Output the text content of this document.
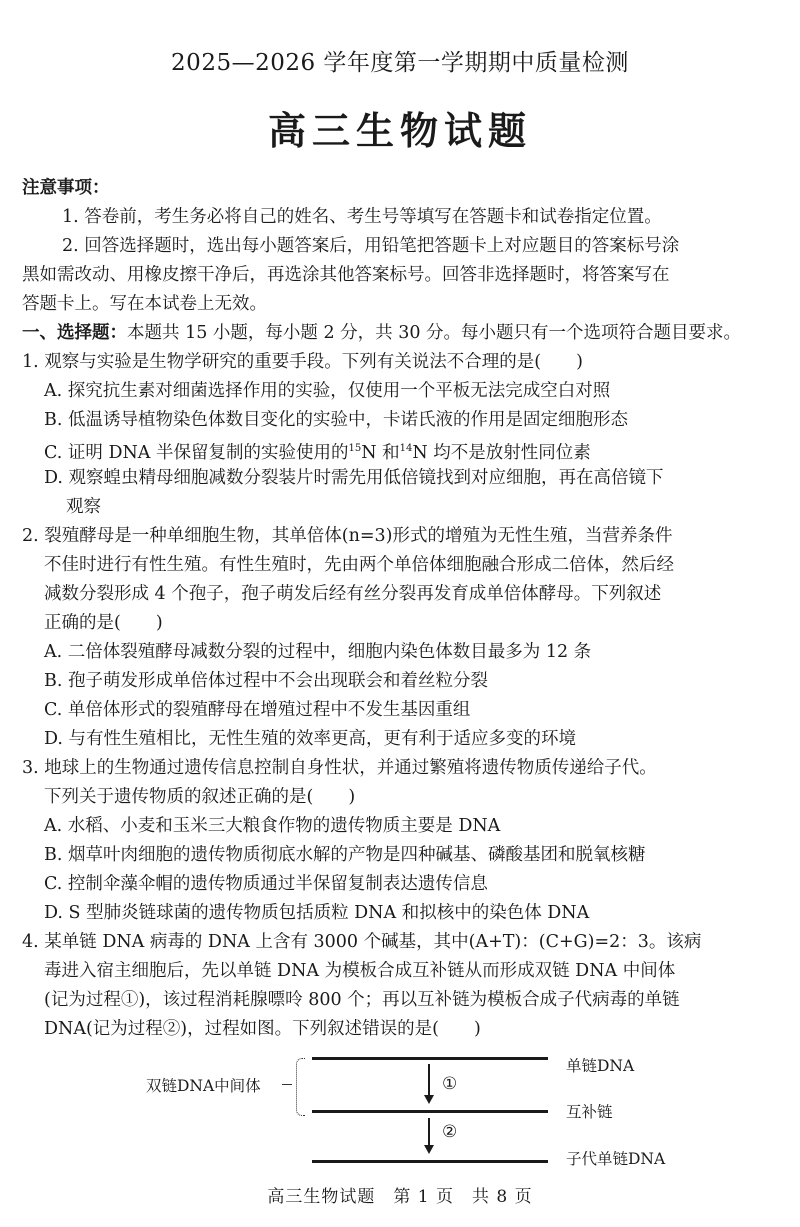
2025—2026 学年度第一学期期中质量检测
高三生物试题
注意事项：
1. 答卷前，考生务必将自己的姓名、考生号等填写在答题卡和试卷指定位置。
2. 回答选择题时，选出每小题答案后，用铅笔把答题卡上对应题目的答案标号涂
黑如需改动、用橡皮擦干净后，再选涂其他答案标号。回答非选择题时，将答案写在
答题卡上。写在本试卷上无效。
一、选择题：本题共 15 小题，每小题 2 分，共 30 分。每小题只有一个选项符合题目要求。
1. 观察与实验是生物学研究的重要手段。下列有关说法不合理的是(　　)
A. 探究抗生素对细菌选择作用的实验，仅使用一个平板无法完成空白对照
B. 低温诱导植物染色体数目变化的实验中，卡诺氏液的作用是固定细胞形态
C. 证明 DNA 半保留复制的实验使用的$^{15}$N 和$^{14}$N 均不是放射性同位素
D. 观察蝗虫精母细胞减数分裂装片时需先用低倍镜找到对应细胞，再在高倍镜下
观察
2. 裂殖酵母是一种单细胞生物，其单倍体(n=3)形式的增殖为无性生殖，当营养条件
不佳时进行有性生殖。有性生殖时，先由两个单倍体细胞融合形成二倍体，然后经
减数分裂形成 4 个孢子，孢子萌发后经有丝分裂再发育成单倍体酵母。下列叙述
正确的是(　　)
A. 二倍体裂殖酵母减数分裂的过程中，细胞内染色体数目最多为 12 条
B. 孢子萌发形成单倍体过程中不会出现联会和着丝粒分裂
C. 单倍体形式的裂殖酵母在增殖过程中不发生基因重组
D. 与有性生殖相比，无性生殖的效率更高，更有利于适应多变的环境
3. 地球上的生物通过遗传信息控制自身性状，并通过繁殖将遗传物质传递给子代。
下列关于遗传物质的叙述正确的是(　　)
A. 水稻、小麦和玉米三大粮食作物的遗传物质主要是 DNA
B. 烟草叶肉细胞的遗传物质彻底水解的产物是四种碱基、磷酸基团和脱氧核糖
C. 控制伞藻伞帽的遗传物质通过半保留复制表达遗传信息
D. S 型肺炎链球菌的遗传物质包括质粒 DNA 和拟核中的染色体 DNA
4. 某单链 DNA 病毒的 DNA 上含有 3000 个碱基，其中(A+T)：(C+G)=2：3。该病
毒进入宿主细胞后，先以单链 DNA 为模板合成互补链从而形成双链 DNA 中间体
(记为过程①)，该过程消耗腺嘌呤 800 个；再以互补链为模板合成子代病毒的单链
DNA(记为过程②)，过程如图。下列叙述错误的是(　　)
双链DNA中间体
单链DNA
互补链
子代单链DNA
①
②
高三生物试题　第 1 页　共 8 页
